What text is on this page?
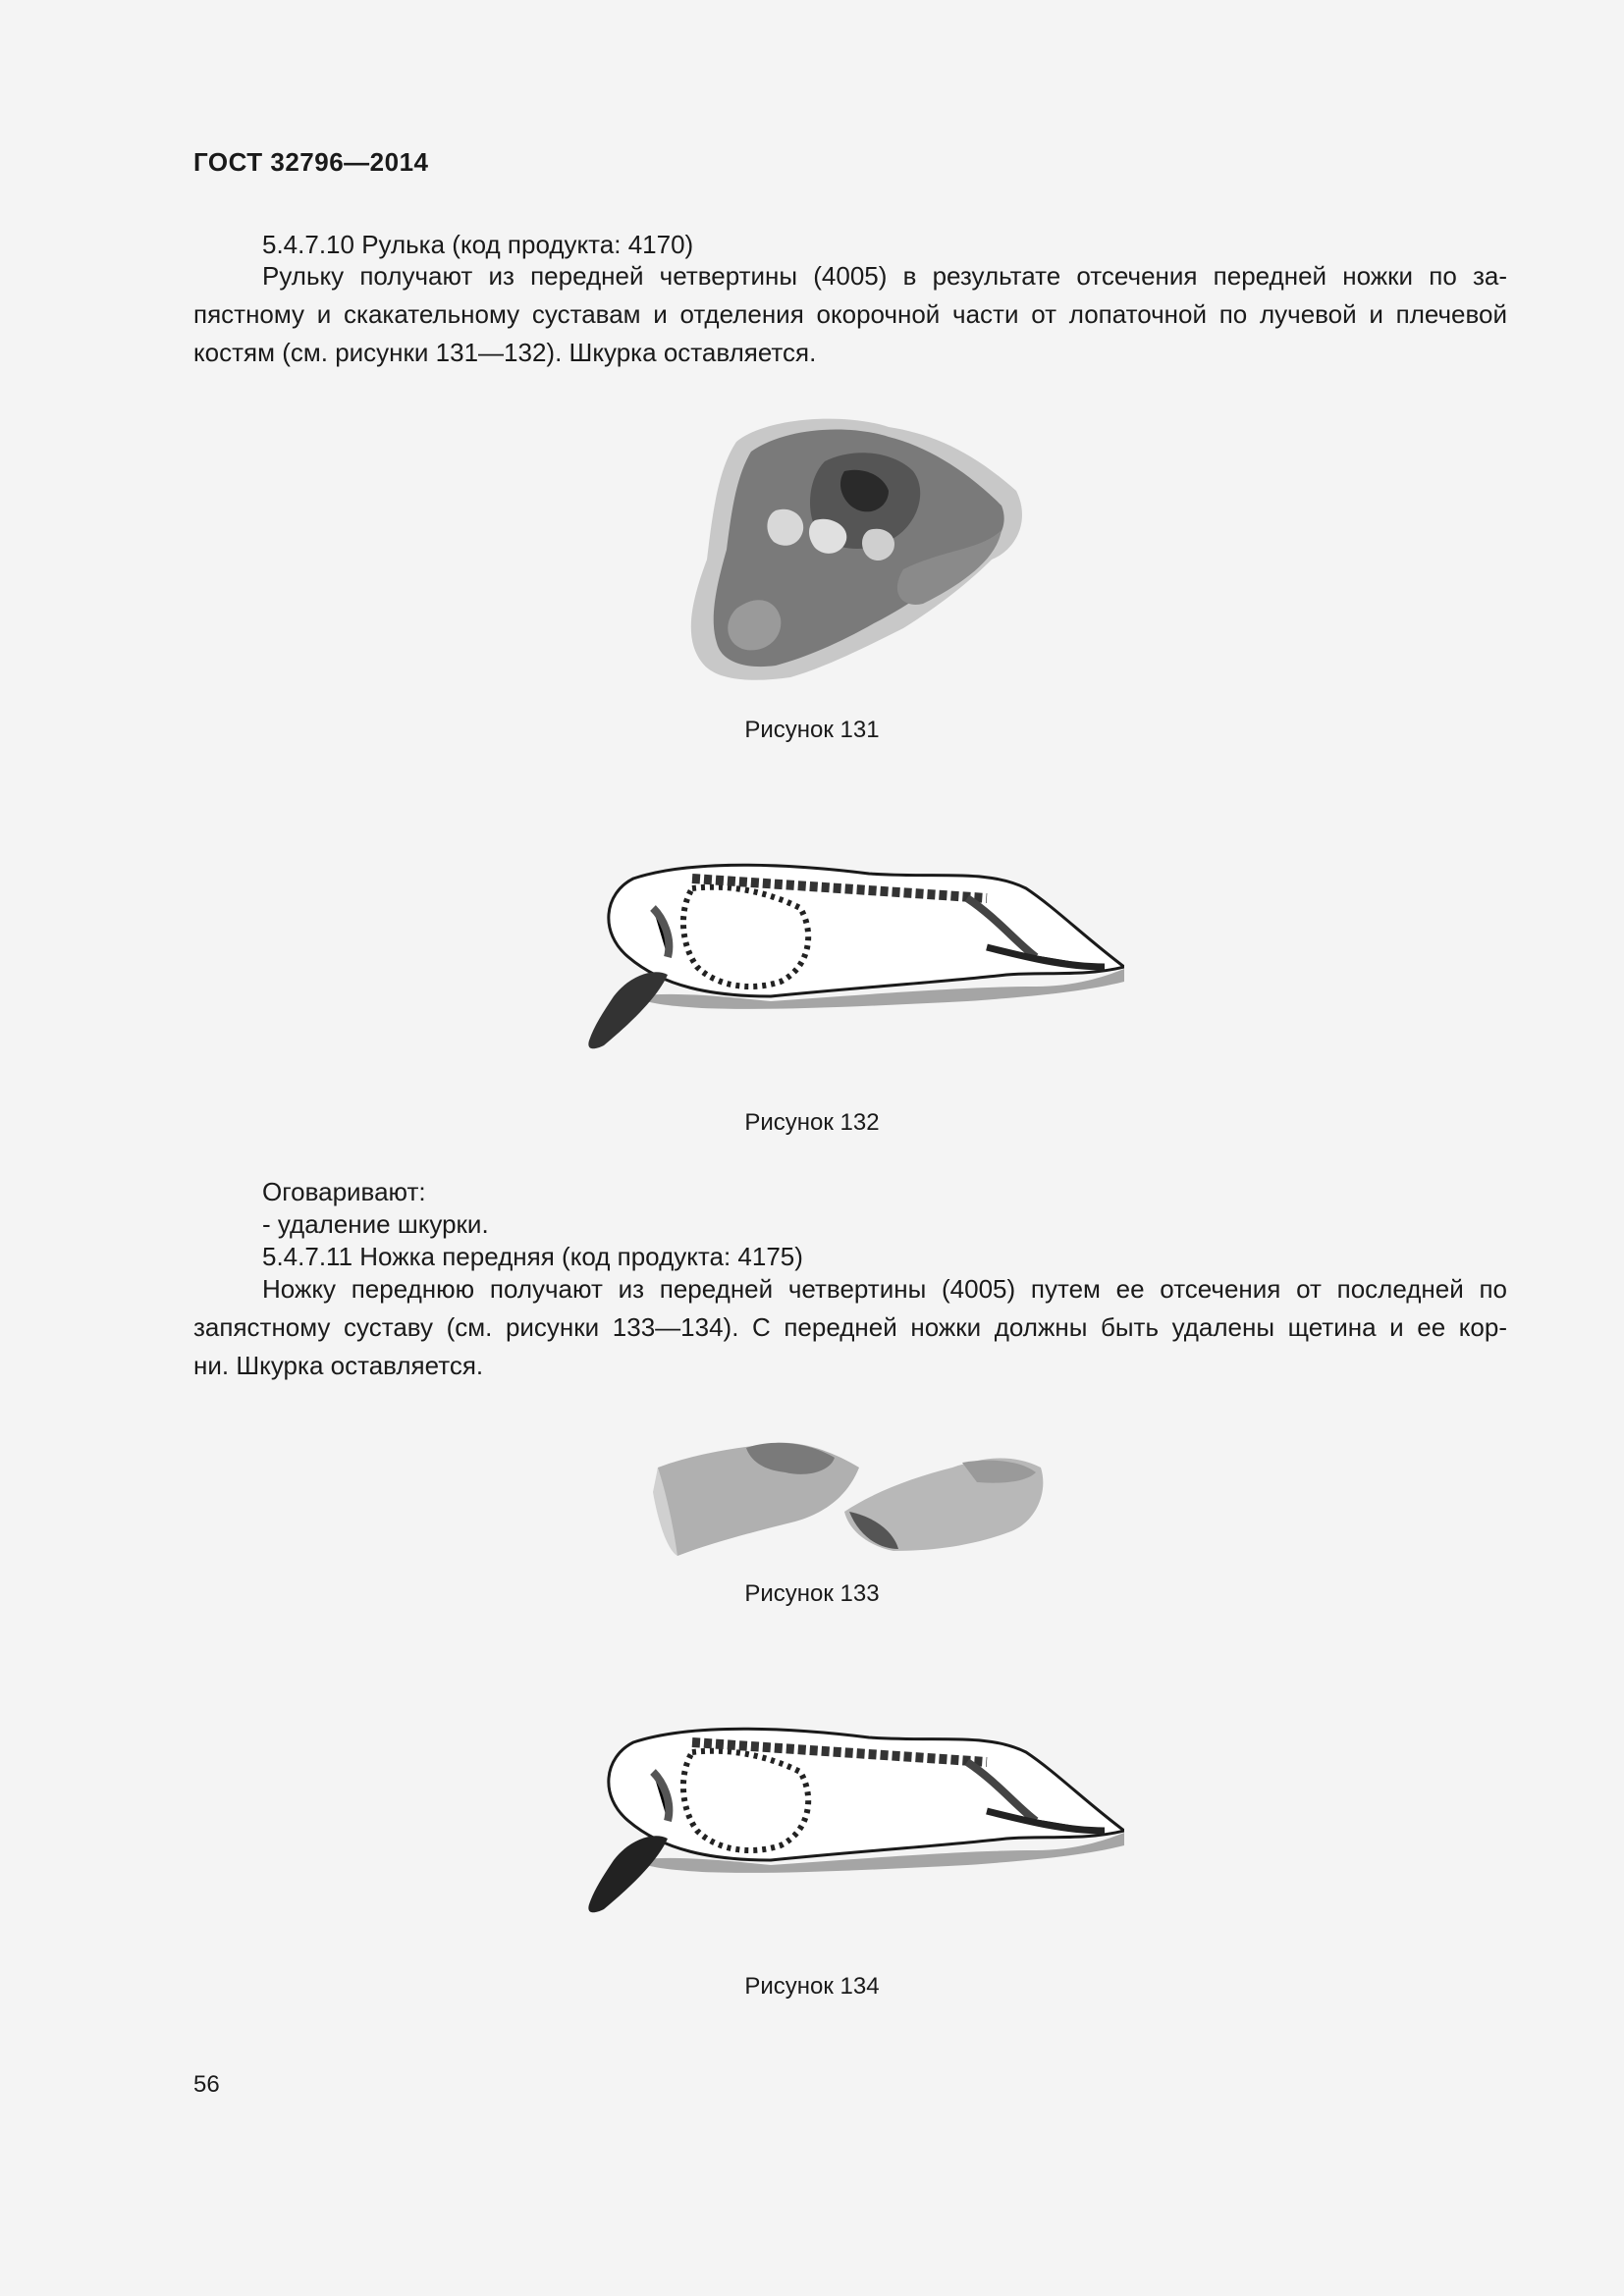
ГОСТ 32796—2014
5.4.7.10 Рулька (код продукта: 4170)
Рульку получают из передней четвертины (4005) в результате отсечения передней ножки по за-
пястному и скакательному суставам и отделения окорочной части от лопаточной по лучевой и плечевой
костям (см. рисунки 131—132). Шкурка оставляется.
Рисунок 131
Рисунок 132
Оговаривают:
- удаление шкурки.
5.4.7.11 Ножка передняя (код продукта: 4175)
Ножку переднюю получают из передней четвертины (4005) путем ее отсечения от последней по
запястному суставу (см. рисунки 133—134). С передней ножки должны быть удалены щетина и ее кор-
ни. Шкурка оставляется.
Рисунок 133
Рисунок 134
56
